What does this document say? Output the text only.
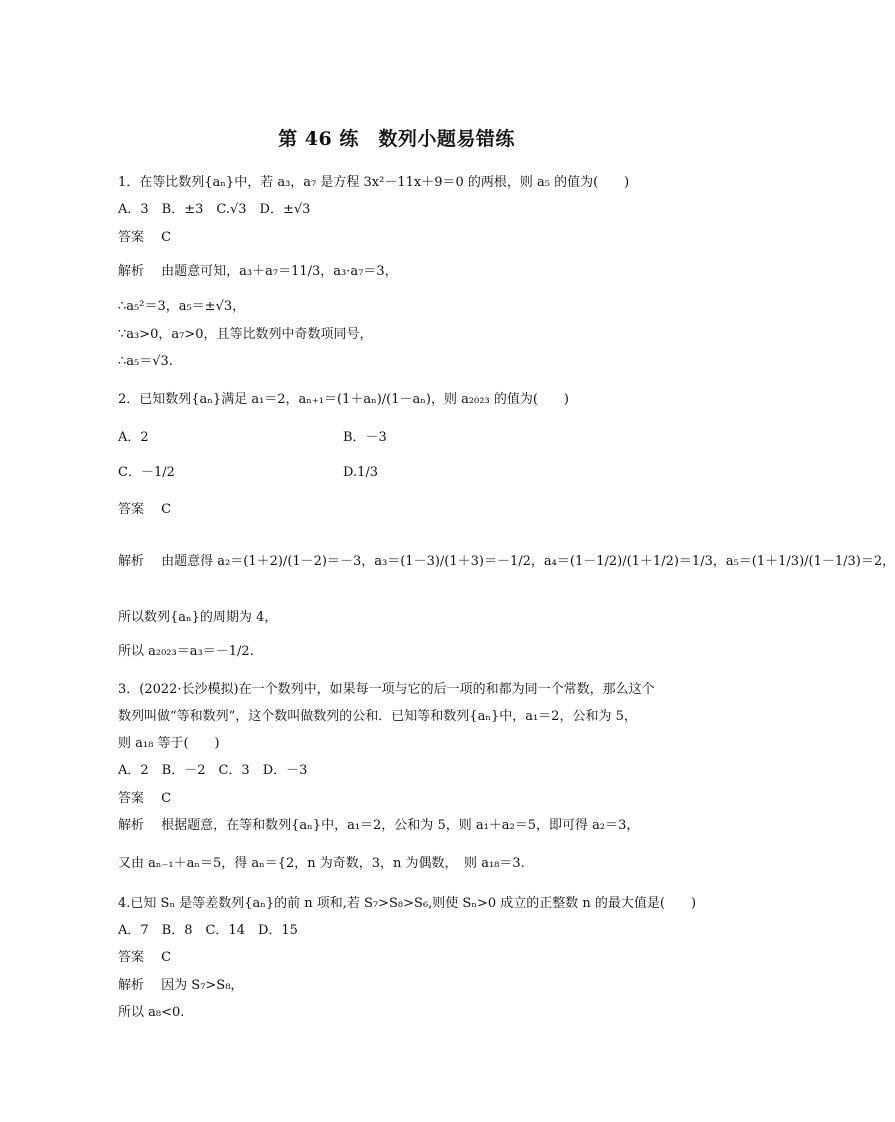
第 46 练　数列小题易错练
1．在等比数列{aₙ}中，若 a₃，a₇ 是方程 3x²－11x＋9＝0 的两根，则 a₅ 的值为(　　)
A．3　B．±3　C.√3　D．±√3
答案　 C
解析　 由题意可知，a₃＋a₇＝11/3，a₃·a₇＝3，
∴a₅²＝3，a₅＝±√3，
∵a₃>0，a₇>0，且等比数列中奇数项同号，
∴a₅＝√3.
2．已知数列{aₙ}满足 a₁＝2，aₙ₊₁＝(1＋aₙ)/(1－aₙ)，则 a₂₀₂₃ 的值为(　　)
A．2	B．－3
C．－1/2	D.1/3
答案　 C
解析　 由题意得 a₂＝(1＋2)/(1－2)＝－3，a₃＝(1－3)/(1＋3)＝－1/2，a₄＝(1－1/2)/(1＋1/2)＝1/3，a₅＝(1＋1/3)/(1－1/3)＝2，
所以数列{aₙ}的周期为 4，
所以 a₂₀₂₃＝a₃＝－1/2.
3．(2022·长沙模拟)在一个数列中，如果每一项与它的后一项的和都为同一个常数，那么这个
数列叫做“等和数列”，这个数叫做数列的公和．已知等和数列{aₙ}中，a₁＝2，公和为 5，
则 a₁₈ 等于(　　)
A．2　B．－2　C．3　D．－3
答案　 C
解析　 根据题意，在等和数列{aₙ}中，a₁＝2，公和为 5，则 a₁＋a₂＝5，即可得 a₂＝3，
又由 aₙ₋₁＋aₙ＝5，得 aₙ＝{2，n 为奇数，3，n 为偶数，　则 a₁₈＝3.
4.已知 Sₙ 是等差数列{aₙ}的前 n 项和,若 S₇>S₈>S₆,则使 Sₙ>0 成立的正整数 n 的最大值是(　　)
A．7　B．8　C．14　D．15
答案　 C
解析　 因为 S₇>S₈，
所以 a₈<0.
